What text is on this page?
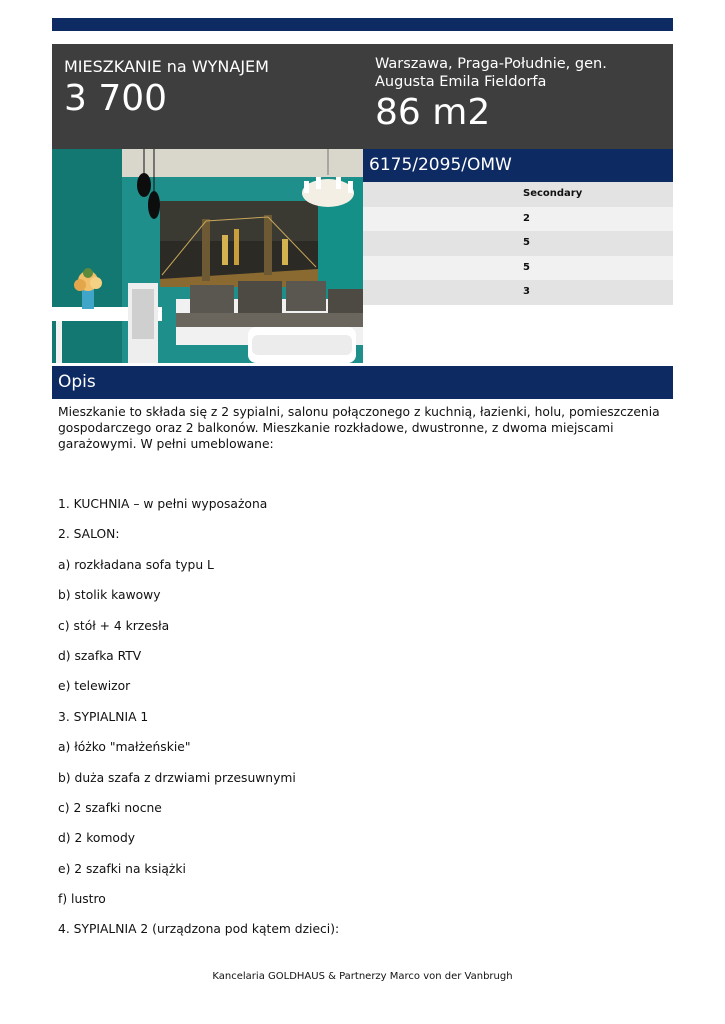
MIESZKANIE na WYNAJEM
3 700
Warszawa, Praga-Południe, gen. Augusta Emila Fieldorfa
86 m2
6175/2095/OMW
Secondary
2
5
5
3
Opis
Mieszkanie to składa się z 2 sypialni, salonu połączonego z kuchnią, łazienki, holu, pomieszczenia gospodarczego oraz 2 balkonów. Mieszkanie rozkładowe, dwustronne, z dwoma miejscami garażowymi. W pełni umeblowane:
1. KUCHNIA – w pełni wyposażona
2. SALON:
a) rozkładana sofa typu L
b) stolik kawowy
c) stół + 4 krzesła
d) szafka RTV
e) telewizor
3. SYPIALNIA 1
a) łóżko "małżeńskie"
b) duża szafa z drzwiami przesuwnymi
c) 2 szafki nocne
d) 2 komody
e) 2 szafki na książki
f) lustro
4. SYPIALNIA 2 (urządzona pod kątem dzieci):
Kancelaria GOLDHAUS & Partnerzy Marco von der Vanbrugh
